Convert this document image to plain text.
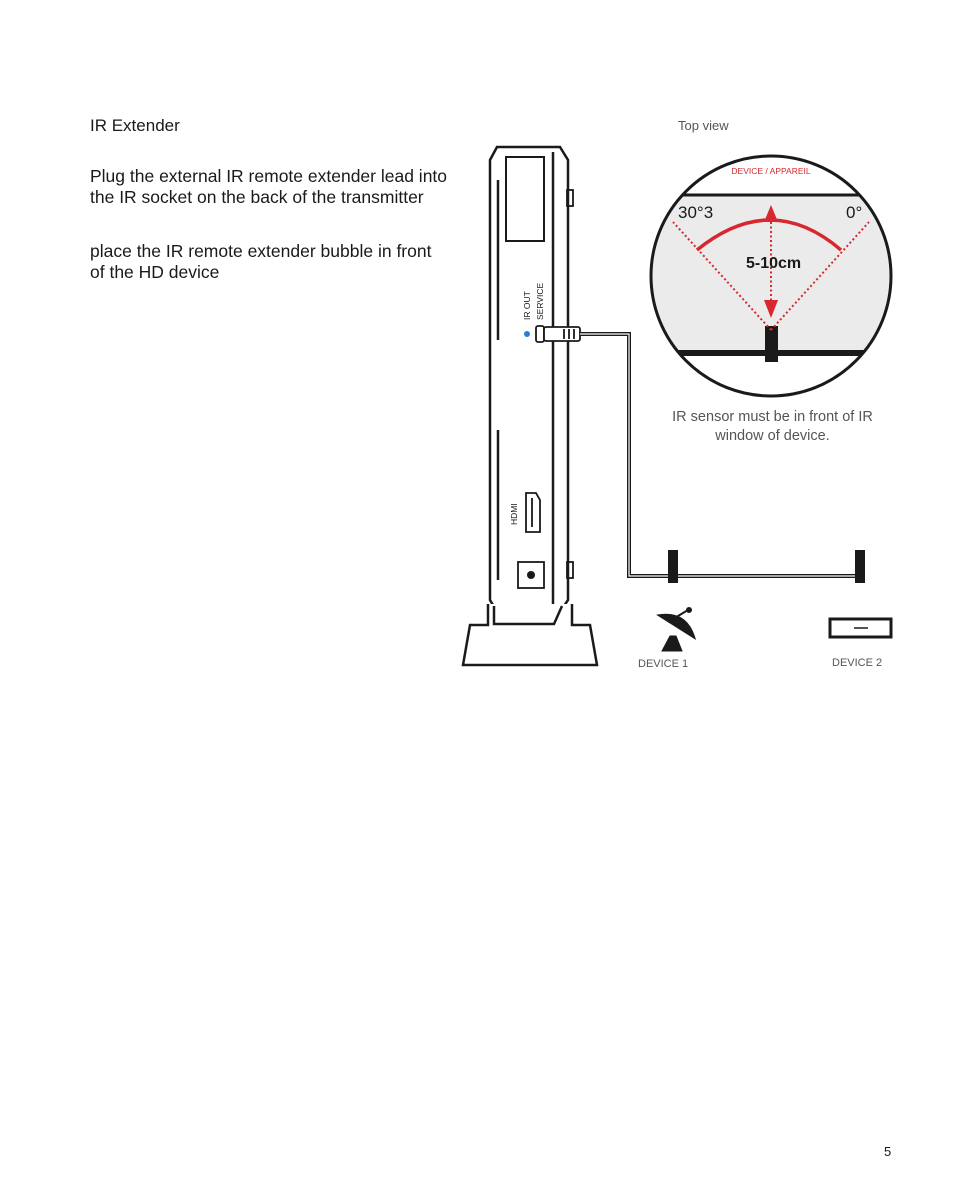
IR Extender
Plug the external IR remote extender lead into the IR socket on the back of the transmitter
place the IR remote extender bubble in front of the HD device
IR OUT SERVICE
HDMI
DEVICE / APPAREIL
30°3	0°
5-10cm
DEVICE 1	DEVICE 2
Top view
IR sensor must be in front of IR window of device.
5
